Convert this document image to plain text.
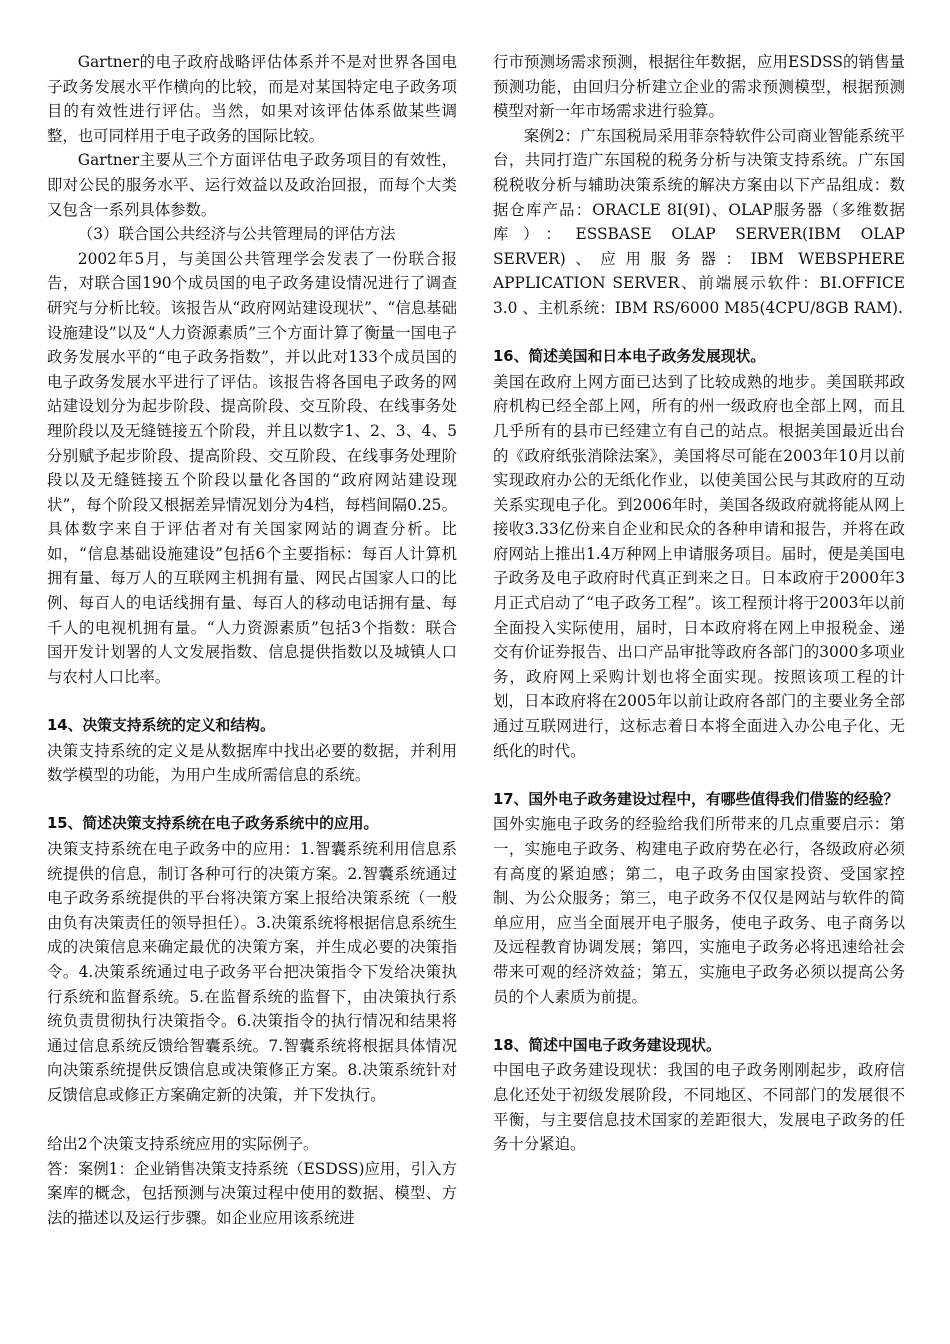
Gartner的电子政府战略评估体系并不是对世界各国电子政务发展水平作横向的比较，而是对某国特定电子政务项目的有效性进行评估。当然，如果对该评估体系做某些调整，也可同样用于电子政务的国际比较。

Gartner主要从三个方面评估电子政务项目的有效性，即对公民的服务水平、运行效益以及政治回报，而每个大类又包含一系列具体参数。

（3）联合国公共经济与公共管理局的评估方法

2002年5月，与美国公共管理学会发表了一份联合报告，对联合国190个成员国的电子政务建设情况进行了调查研究与分析比较。该报告从“政府网站建设现状”、“信息基础设施建设”以及“人力资源素质”三个方面计算了衡量一国电子政务发展水平的“电子政务指数”，并以此对133个成员国的电子政务发展水平进行了评估。该报告将各国电子政务的网站建设划分为起步阶段、提高阶段、交互阶段、在线事务处理阶段以及无缝链接五个阶段，并且以数字1、2、3、4、5分别赋予起步阶段、提高阶段、交互阶段、在线事务处理阶段以及无缝链接五个阶段以量化各国的“政府网站建设现状”，每个阶段又根据差异情况划分为4档，每档间隔0.25。具体数字来自于评估者对有关国家网站的调查分析。比如，“信息基础设施建设”包括6个主要指标：每百人计算机拥有量、每万人的互联网主机拥有量、网民占国家人口的比例、每百人的电话线拥有量、每百人的移动电话拥有量、每千人的电视机拥有量。“人力资源素质”包括3个指数：联合国开发计划署的人文发展指数、信息提供指数以及城镇人口与农村人口比率。

14、决策支持系统的定义和结构。

决策支持系统的定义是从数据库中找出必要的数据，并利用数学模型的功能，为用户生成所需信息的系统。

15、简述决策支持系统在电子政务系统中的应用。

决策支持系统在电子政务中的应用：1.智囊系统利用信息系统提供的信息，制订各种可行的决策方案。2.智囊系统通过电子政务系统提供的平台将决策方案上报给决策系统（一般由负有决策责任的领导担任）。3.决策系统将根据信息系统生成的决策信息来确定最优的决策方案，并生成必要的决策指令。4.决策系统通过电子政务平台把决策指令下发给决策执行系统和监督系统。5.在监督系统的监督下，由决策执行系统负责贯彻执行决策指令。6.决策指令的执行情况和结果将通过信息系统反馈给智囊系统。7.智囊系统将根据具体情况向决策系统提供反馈信息或决策修正方案。8.决策系统针对反馈信息或修正方案确定新的决策，并下发执行。

给出2个决策支持系统应用的实际例子。

答：案例1：企业销售决策支持系统（ESDSS)应用，引入方案库的概念，包括预测与决策过程中使用的数据、模型、方法的描述以及运行步骤。如企业应用该系统进

行市预测场需求预测，根据往年数据，应用ESDSS的销售量预测功能，由回归分析建立企业的需求预测模型，根据预测模型对新一年市场需求进行验算。

案例2：广东国税局采用菲奈特软件公司商业智能系统平台，共同打造广东国税的税务分析与决策支持系统。广东国税税收分析与辅助决策系统的解决方案由以下产品组成：数据仓库产品：ORACLE 8I(9I)、OLAP服务器（多维数据库）：ESSBASE OLAP SERVER(IBM OLAP SERVER)、应用服务器：IBM WEBSPHERE APPLICATION SERVER、前端展示软件：BI.OFFICE 3.0 、主机系统：IBM RS/6000 M85(4CPU/8GB RAM).

16、简述美国和日本电子政务发展现状。

美国在政府上网方面已达到了比较成熟的地步。美国联邦政府机构已经全部上网，所有的州一级政府也全部上网，而且几乎所有的县市已经建立有自己的站点。根据美国最近出台的《政府纸张消除法案》，美国将尽可能在2003年10月以前实现政府办公的无纸化作业，以使美国公民与其政府的互动关系实现电子化。到2006年时，美国各级政府就将能从网上接收3.33亿份来自企业和民众的各种申请和报告，并将在政府网站上推出1.4万种网上申请服务项目。届时，便是美国电子政务及电子政府时代真正到来之日。日本政府于2000年3月正式启动了“电子政务工程”。该工程预计将于2003年以前全面投入实际使用，届时，日本政府将在网上申报税金、递交有价证券报告、出口产品审批等政府各部门的3000多项业务，政府网上采购计划也将全面实现。按照该项工程的计划，日本政府将在2005年以前让政府各部门的主要业务全部通过互联网进行，这标志着日本将全面进入办公电子化、无纸化的时代。

17、国外电子政务建设过程中，有哪些值得我们借鉴的经验？

国外实施电子政务的经验给我们所带来的几点重要启示：第一，实施电子政务、构建电子政府势在必行，各级政府必须有高度的紧迫感；第二，电子政务由国家投资、受国家控制、为公众服务；第三，电子政务不仅仅是网站与软件的简单应用，应当全面展开电子服务，使电子政务、电子商务以及远程教育协调发展；第四，实施电子政务必将迅速给社会带来可观的经济效益；第五，实施电子政务必须以提高公务员的个人素质为前提。

18、简述中国电子政务建设现状。

中国电子政务建设现状：我国的电子政务刚刚起步，政府信息化还处于初级发展阶段，不同地区、不同部门的发展很不平衡，与主要信息技术国家的差距很大，发展电子政务的任务十分紧迫。
